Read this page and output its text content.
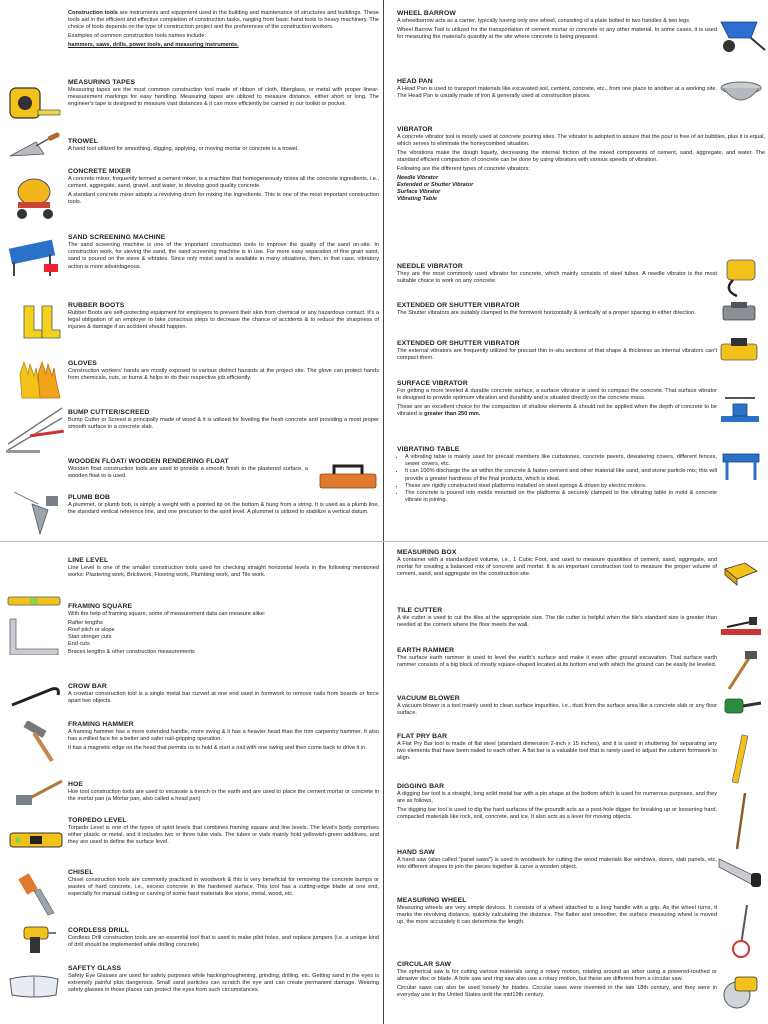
Construction tools are instruments and equipment used in the building and maintenance of structures and buildings. These tools aid in the efficient and effective completion of construction tasks, ranging from basic hand tools to heavy machinery. The choice of tools depends on the type of construction project and the preferences of the construction workers.

Examples of common construction tools names include:

hammers, saws, drills, power tools, and measuring instruments.

MEASURING TAPES

Measuring tapes are the most common construction tool made of ribbon of cloth, fiberglass, or metal with proper linear-measurement markings for easy handling. Measuring tapes are utilized to measure distance, either short or long. The engineer's tape is designed to measure vast distances & it can more efficiently be carried in our toolkit or pocket.

TROWEL

A hand tool utilized for smoothing, digging, applying, or moving mortar or concrete is a trowel.

CONCRETE MIXER

A concrete mixer, frequently termed a cement mixer, is a machine that homogeneously mixes all the concrete ingredients, i.e., cement, aggregate, sand, gravel, and water, to develop good quality concrete.

A standard concrete mixer adopts a revolving drum for mixing the ingredients. This is one of the most important construction tools.

SAND SCREENING MACHINE

The sand screening machine is one of the important construction tools to improve the quality of the sand on-site. In construction work, for sieving the sand, the sand screening machine is in use. For more easy separation of fine grain sand, sand is poured on the sieve & vibrates. Since only moist sand is available in many situations, then, in that case, vibratory action is more advantageous.

RUBBER BOOTS

Rubber Boots are self-protecting equipment for employers to prevent their skin from chemical or any hazardous contact. It's a legal obligation of an employer to take conscious steps to decrease the chance of accidents & to reduce the sharpness of injuries & damage if an accident should happen.

GLOVES

Construction workers' hands are mostly exposed to various distinct hazards at the project site. The glove can protect hands from chemicals, cuts, or burns & helps to do their respective job efficiently.

BUMP CUTTER/SCREED

Bump Cutter or Screed is principally made of wood & it is utilized for leveling the fresh concrete and providing a most proper smooth surface in a concrete slab.

WOODEN FLOAT/ WOODEN RENDERING FLOAT

Wooden float construction tools are used to provide a smooth finish to the plastered surface, a wooden float to is used.

PLUMB BOB

A plummet, or plumb bob, is simply a weight with a pointed tip on the bottom & hung from a string. It is used as a plumb line, the standard vertical reference line, and one precursor to the spirit level. A plummet is utilized to stabilize a vertical datum.

WHEEL BARROW

A wheelbarrow acts as a carrier, typically having only one wheel, consisting of a plate bolted to two handles & two legs.

Wheel Barrow Tool is utilized for the transportation of cement mortar or concrete or any other material. In some cases, it is used for measuring the material's quantity at the site where concrete is being prepared.

HEAD PAN

A Head Pan is used to transport materials like excavated soil, cement, concrete, etc., from one place to another at a working site. The Head Pan is usually made of iron & generally used at construction places.

VIBRATOR

A concrete vibrator tool is mostly used at concrete pouring sites. The vibrator is adopted to assure that the pour is free of air bubbles, plus it is equal, which serves to eliminate the honeycombed situation.

The vibrations make the dough liquefy, decreasing the internal friction of the mixed components of cement, sand, aggregate, and water. The standard efficient compaction of concrete can be done by using vibrators with various speeds of vibration.

Following are the different types of concrete vibrators:

Needle Vibrator
Extended or Shutter Vibrator
Surface Vibrator
Vibrating Table
NEEDLE VIBRATOR

They are the most commonly used vibrator for concrete, which mainly consists of steel tubes. A needle vibrator is the most suitable choice to work on any concrete.

EXTENDED OR SHUTTER VIBRATOR

The Shutter vibrators are suitably clamped to the formwork horizontally & vertically at a proper spacing in either direction.

EXTENDED OR SHUTTER VIBRATOR

The external vibrators are frequently utilized for precast thin in-situ sections of that shape & thickness as internal vibrators can't compact them.

SURFACE VIBRATOR

For getting a more leveled & durable concrete surface, a surface vibrator is used to compact the concrete. That surface vibrator is designed to provide optimum vibration and durability and is situated directly on the concrete mass.

These are an excellent choice for the compaction of shallow elements & should not be applied when the depth of concrete to be vibrated is greater than 250 mm.

VIBRATING TABLE
• A vibrating table is mainly used for precast members like curbstones, concrete pavers, dewatering covers, different fences, sewer covers, etc.
• It can 100% discharge the air within the concrete & fasten cement and other material like sand, and stone particle mix; this will provide a greater hardness of the final products, which is ideal.
• These are rigidly constructed steel platforms installed on steel springs & driven by electric motors.
• The concrete is poured into molds mounted on the platforms & securely clamped to the vibrating table to mold & concrete vibrate in joining.
LINE LEVEL

Line Level is one of the smaller construction tools used for checking straight horizontal levels in the following mentioned works: Plastering work, Brickwork, Flooring work, Plumbing work, and Tile work.

FRAMING SQUARE

With the help of framing square, some of measurement data can measure alike:

Rafter lengths
Roof pitch or slope
Stair stringer cuts
End cuts
Braces lengths & other construction measurements
CROW BAR

A crowbar construction tool is a single metal bar curved at one end used in formwork to remove nails from boards or force apart two objects.

FRAMING HAMMER

A framing hammer has a more extended handle, more swing & it has a heavier head than the trim carpentry hammer. It also has a milled face for a better and safer nail-gripping operation.

It has a magnetic edge on the head that permits us to hold & start a nail with one swing and then come back to drive it in.

HOE

Hoe tool construction tools are used to excavate a trench or the earth and are used to place the cement mortar or concrete in the mortar pan (a Mortar pan, also called a head pan)

TORPEDO LEVEL

Torpedo Level is one of the types of spirit levels that combines framing square and line levels. The level's body comprises either plastic or metal, and it includes two or three tube vials. The tubes or vials mainly hold yellowish-green additives, and they are used to define the surface level.

CHISEL

Chisel construction tools are commonly practiced in woodwork & this is very beneficial for removing the concrete bumps or wastes of hard concrete, i.e., excess concrete in the hardened surface. This tool has a cutting-edge blade at one end, especially for manual cutting or carving of some hard materials like stone, metal, wood, etc.

CORDLESS DRILL

Cordless Drill construction tools are an essential tool that is used to make pilot holes, and replace jumpers (i.e. a unique kind of drill should be implemented while drilling concrete)

SAFETY GLASS

Safety Eye Glasses are used for safety purposes while hacking/roughening, grinding, drilling, etc. Getting sand in the eyes is extremely painful plus dangerous. Small sand particles can scratch the eye and can create permanent damage. Wearing safety glasses in those places can protect the eyes from such circumstances.

MEASURING BOX

A container with a standardized volume, i.e., 1 Cubic Foot, and used to measure quantities of cement, sand, aggregate, and mortar for creating a balanced mix of concrete and mortar. It is an important construction tool to measure the proper volume of cement, sand, and aggregate on the construction site.

TILE CUTTER

A tile cutter is used to cut the tiles at the appropriate size. The tile cutter is helpful when the tile's standard size is greater than needed at the corners where the floor meets the wall.

EARTH RAMMER

The surface earth rammer is used to level the earth's surface and make it even after ground excavation. That surface earth rammer consists of a big block of mostly square-shaped located at its bottom end with which the ground can be easily be leveled.

VACUUM BLOWER

A vacuum blower is a tool mainly used to clean surface impurities, i.e., dust from the surface area like a concrete slab or any floor surface.

FLAT PRY BAR

A Flat Pry Bar tool is made of flat steel (standard dimension 2-inch x 15 inches), and it is used in shuttering for separating any two elements that have been nailed to each other. A flat bar is a valuable tool that is rarely used to adjust the column formwork to align.

DIGGING BAR

A digging bar tool is a straight, long solid metal bar with a pin shape at the bottom which is used for numerous purposes, and they are as follows,

The digging bar tool is used to dig the hard surfaces of the groundit acts as a post-hole digger for breaking up or loosening hard, compacted materials like rock, soil, concrete, and ice. It also acts as a lever for moving objects.

HAND SAW

A hand saw (also called "panel saws") is used in woodwork for cutting the wood materials like windows, doors, slab panels, etc, into different shapes to join the pieces together & carve a wooden object.

MEASURING WHEEL

Measuring wheels are very simple devices. It consists of a wheel attached to a long handle with a grip. As the wheel turns, it marks the revolving distance, quickly calculating the distance. The flatter and smoother, the surface measuring wheel is moved up, the more accurately it can determine the length.

CIRCULAR SAW

The spherical saw is for cutting various materials using a rotary motion, rotating around an arbor using a powered-toothed or abrasive disc or blade. A hole saw and ring saw also use a rotary motion, but these are different from a circular saw.

Circular saws can also be used loosely for blades. Circular saws were invented in the late 18th century, and they were in everyday use in the United States until the mid19th century.
